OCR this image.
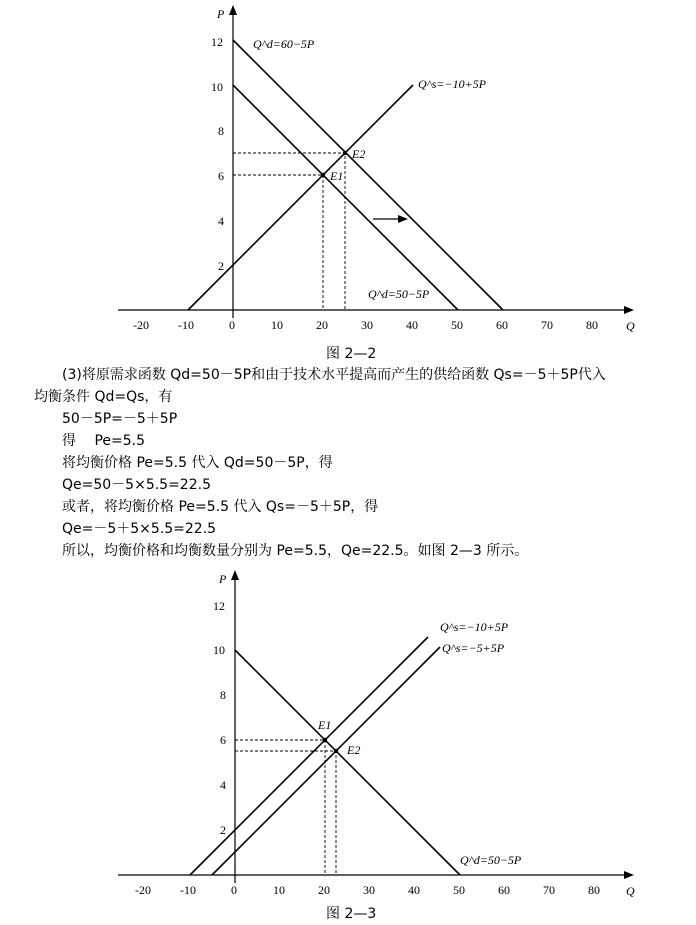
P
Q
-20 -10	0	10	20	30	40	50	60	70	80
2
4
6
8
10
12
E1
E2
Q^d=60−5P
Q^s=−10+5P
Q^d=50−5P
图 2—2
(3)将原需求函数 Qd=50－5P和由于技术水平提高而产生的供给函数 Qs=－5＋5P代入
均衡条件 Qd=Qs，有
50－5P=－5＋5P
得　 Pe=5.5
将均衡价格 Pe=5.5 代入 Qd=50－5P，得
Qe=50－5×5.5=22.5
或者，将均衡价格 Pe=5.5 代入 Qs=－5＋5P，得
Qe=－5＋5×5.5=22.5
所以，均衡价格和均衡数量分别为 Pe=5.5，Qe=22.5。如图 2—3 所示。
P
Q
-20 -10	0	10	20	30	40	50	60	70	80
2
4
6
8
10
12
E1
E2
Q^s=−10+5P
Q^s=−5+5P
Q^d=50−5P
图 2—3
